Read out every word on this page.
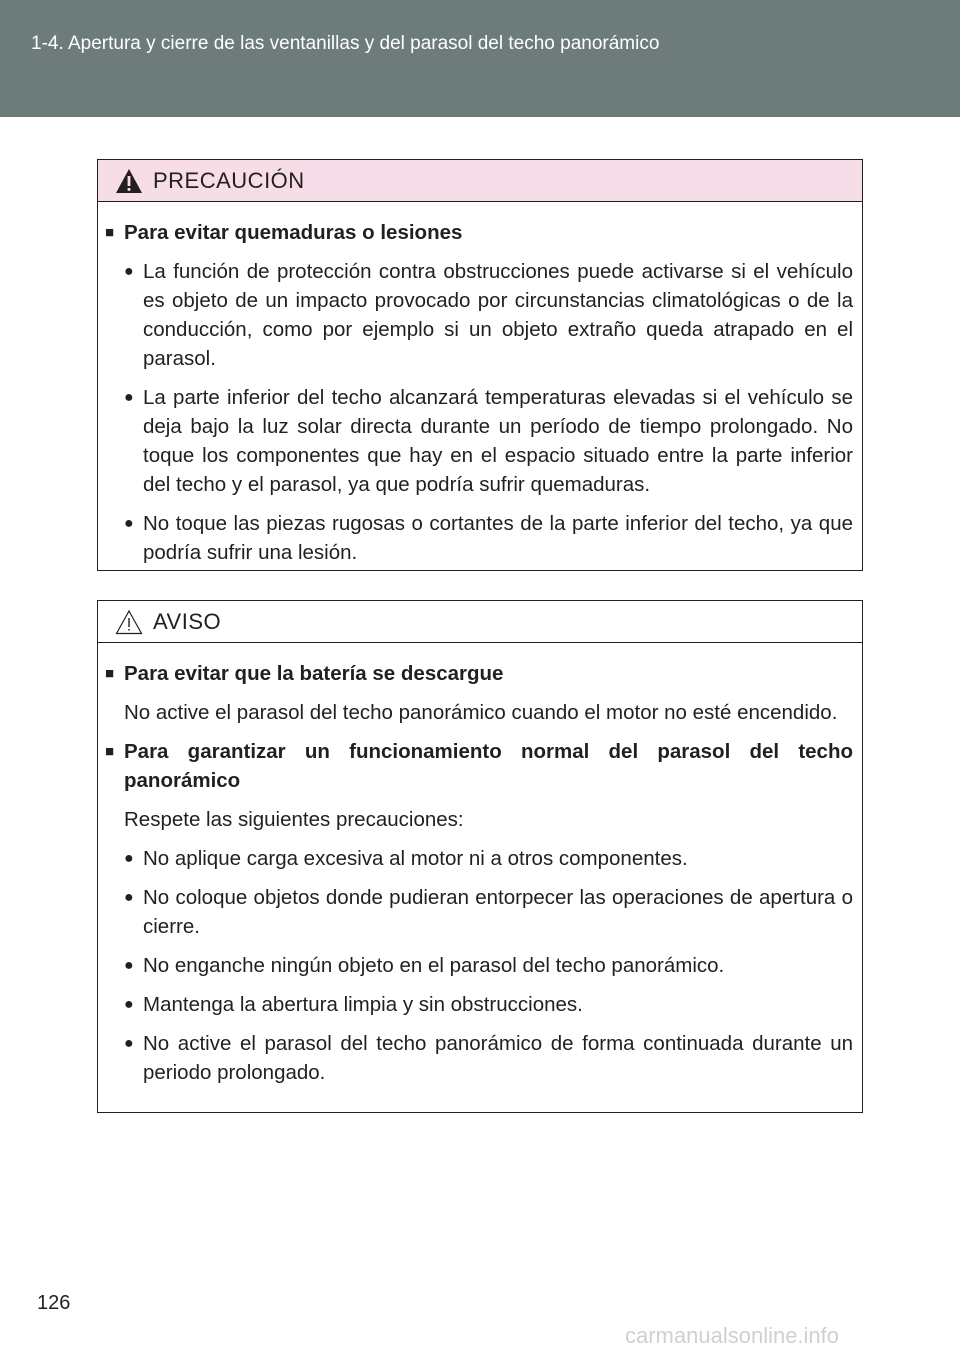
1-4. Apertura y cierre de las ventanillas y del parasol del techo panorámico
PRECAUCIÓN
■ Para evitar quemaduras o lesiones
● La función de protección contra obstrucciones puede activarse si el vehículo es objeto de un impacto provocado por circunstancias climatológicas o de la conducción, como por ejemplo si un objeto extraño queda atrapado en el parasol.
● La parte inferior del techo alcanzará temperaturas elevadas si el vehículo se deja bajo la luz solar directa durante un período de tiempo prolongado. No toque los componentes que hay en el espacio situado entre la parte inferior del techo y el parasol, ya que podría sufrir quemaduras.
● No toque las piezas rugosas o cortantes de la parte inferior del techo, ya que podría sufrir una lesión.
AVISO
■ Para evitar que la batería se descargue
No active el parasol del techo panorámico cuando el motor no esté encendido.
■ Para garantizar un funcionamiento normal del parasol del techo panorámico
Respete las siguientes precauciones:
● No aplique carga excesiva al motor ni a otros componentes.
● No coloque objetos donde pudieran entorpecer las operaciones de apertura o cierre.
● No enganche ningún objeto en el parasol del techo panorámico.
● Mantenga la abertura limpia y sin obstrucciones.
● No active el parasol del techo panorámico de forma continuada durante un periodo prolongado.
126
carmanualsonline.info
